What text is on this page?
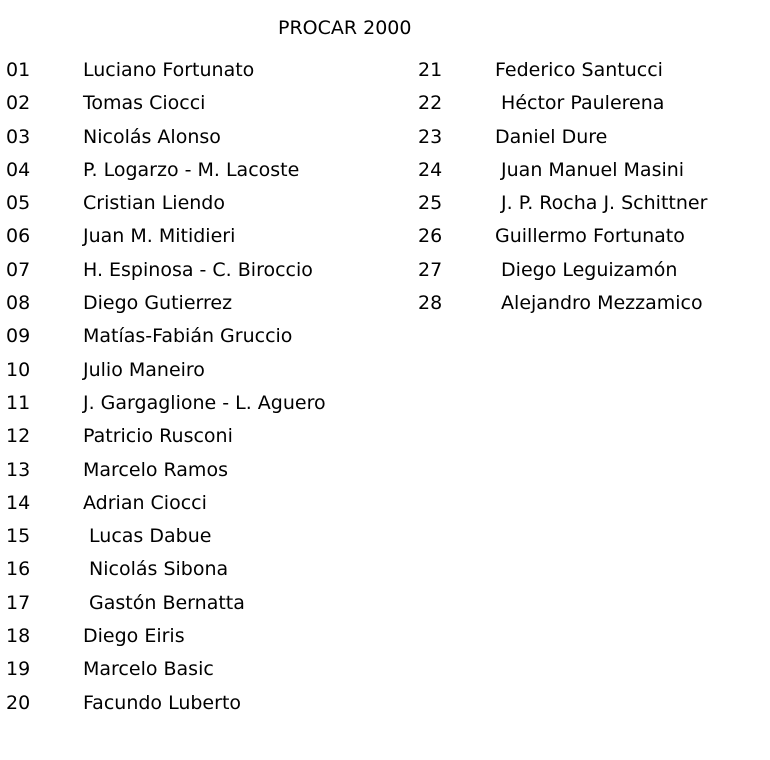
PROCAR 2000
01	Luciano Fortunato
02	Tomas Ciocci
03	Nicolás Alonso
04	P. Logarzo - M. Lacoste
05	Cristian Liendo
06	Juan M. Mitidieri
07	H. Espinosa - C. Biroccio
08	Diego Gutierrez
09	Matías-Fabián Gruccio
10	Julio Maneiro
11	J. Gargaglione - L. Aguero
12	Patricio Rusconi
13	Marcelo Ramos
14	Adrian Ciocci
15	Lucas Dabue
16	Nicolás Sibona
17	Gastón Bernatta
18	Diego Eiris
19	Marcelo Basic
20	Facundo Luberto
21	Federico Santucci
22	Héctor Paulerena
23	Daniel Dure
24	Juan Manuel Masini
25	J. P. Rocha J. Schittner
26	Guillermo Fortunato
27	Diego Leguizamón
28	Alejandro Mezzamico
